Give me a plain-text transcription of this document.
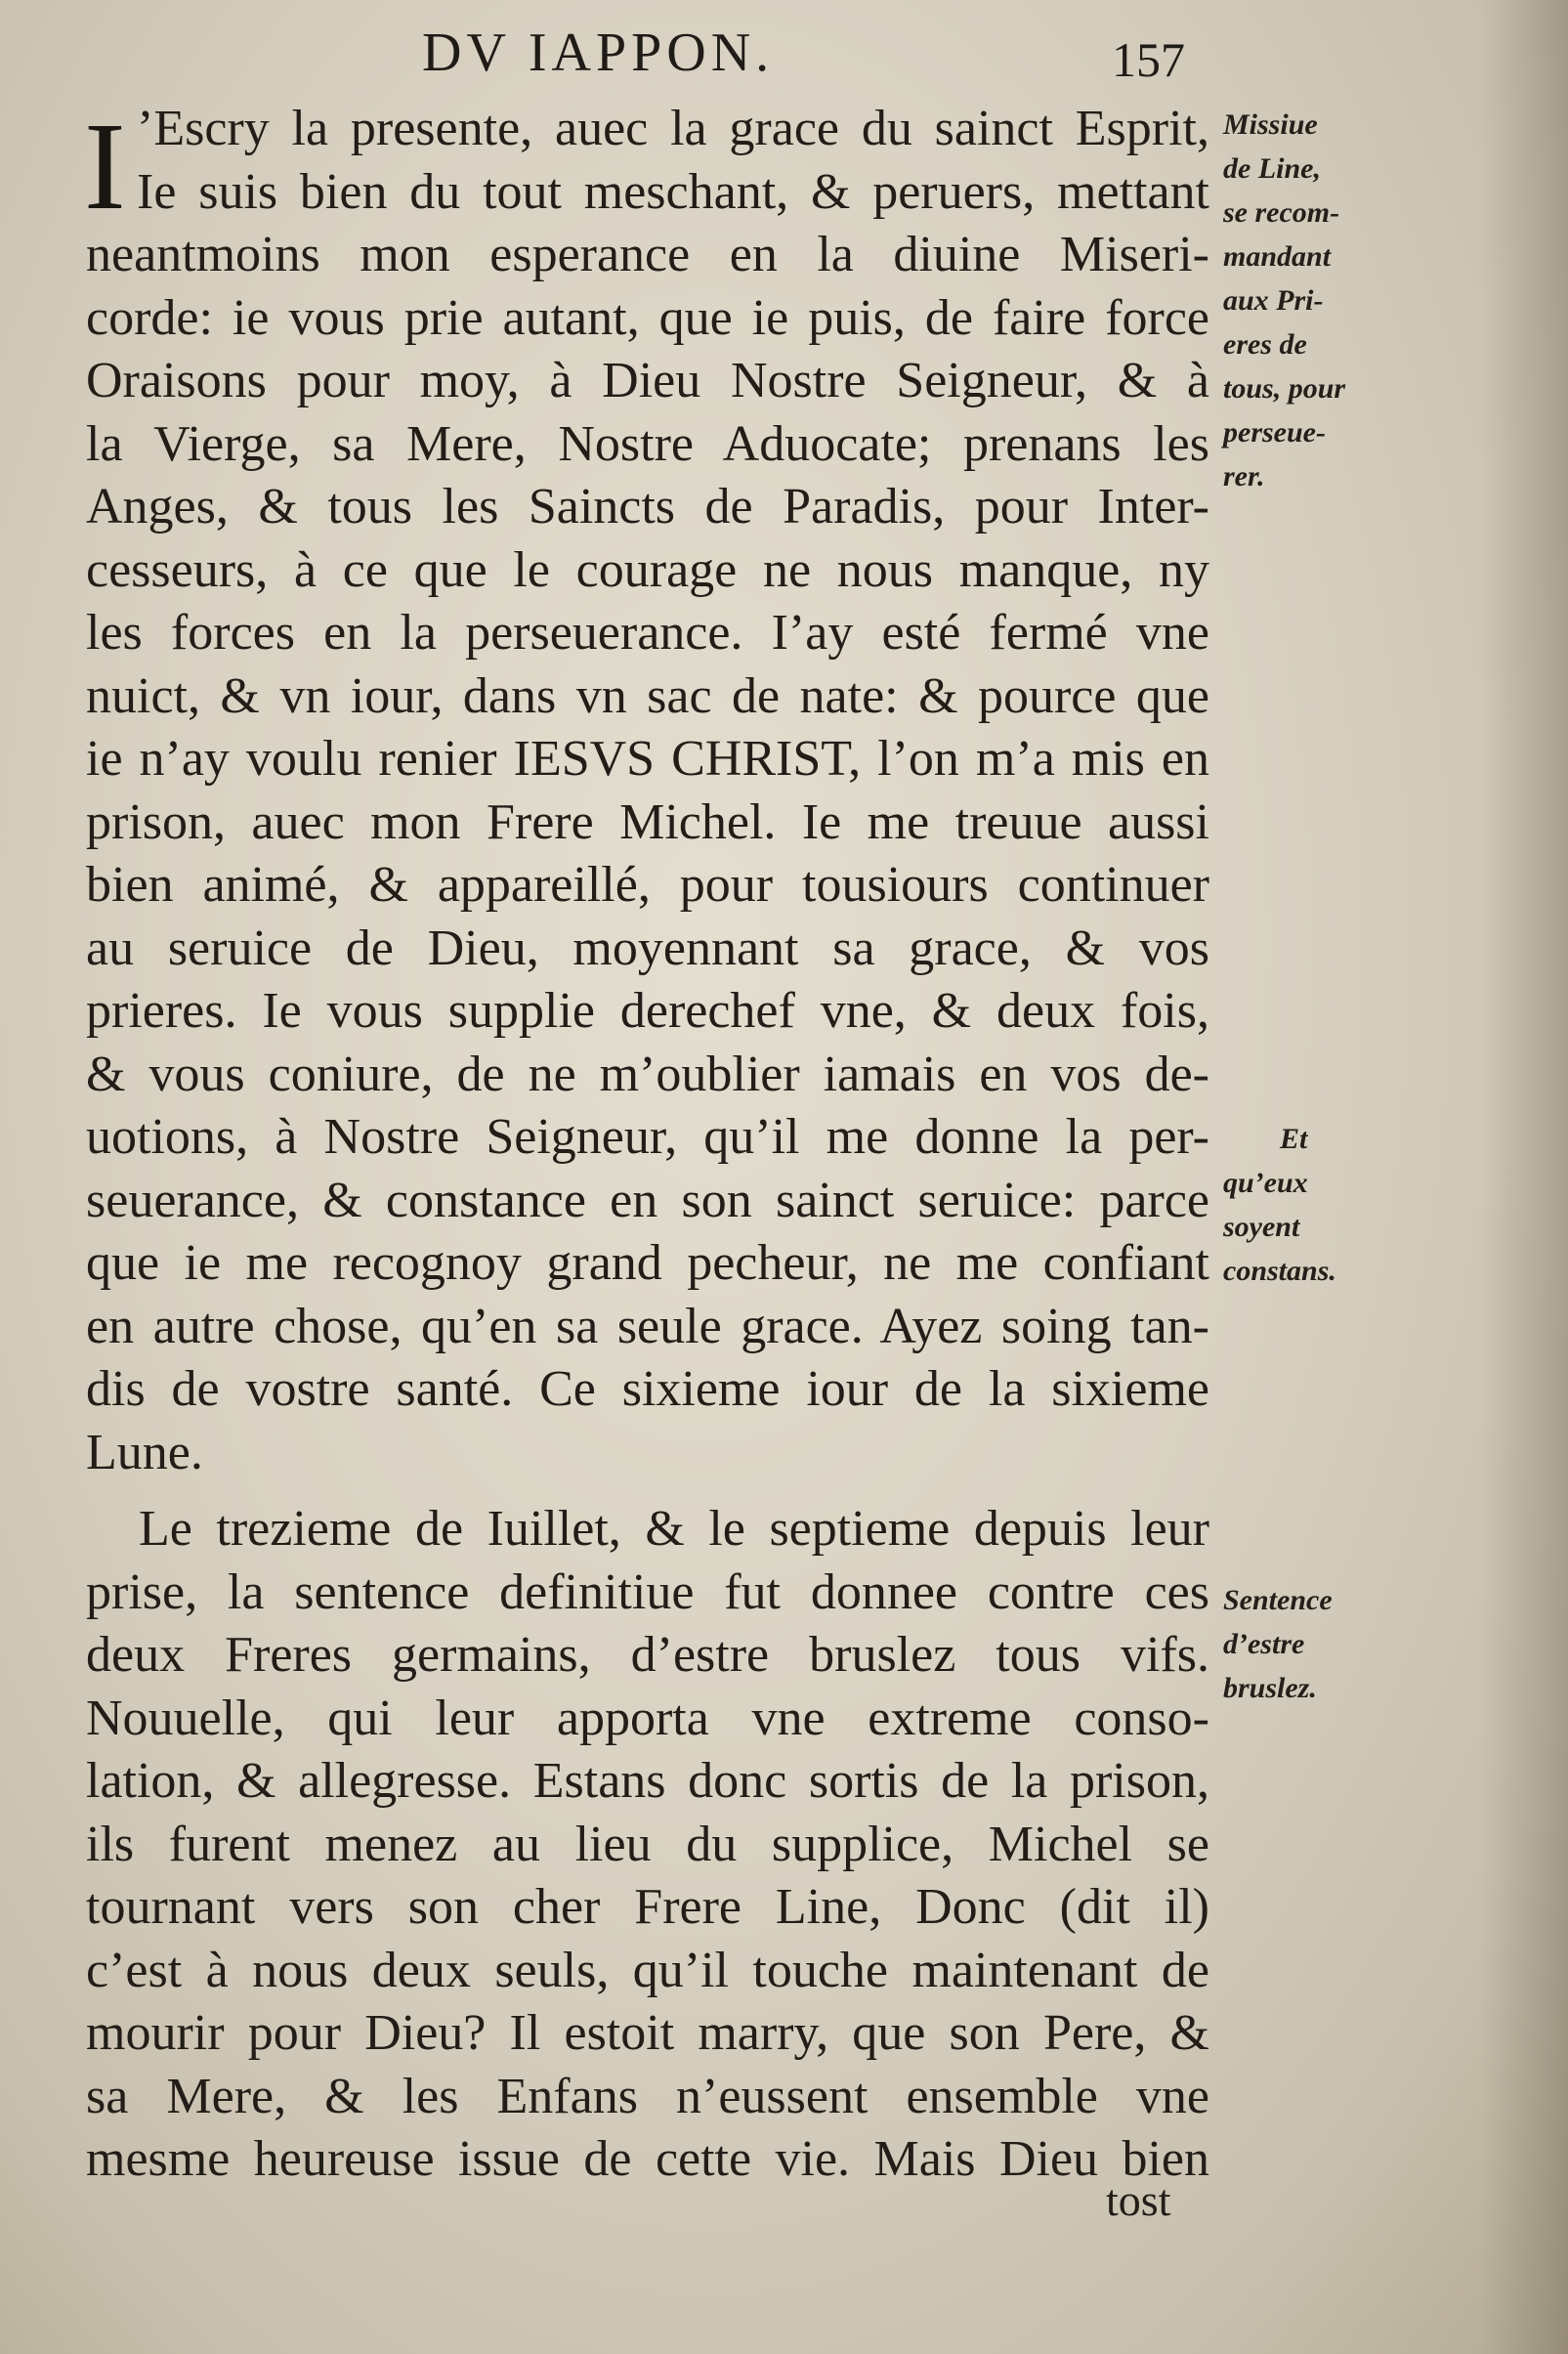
DV IAPPON.	157
I ’Escry la presente, auec la grace du sainct Esprit,
Ie suis bien du tout meschant, & peruers, mettant
neantmoins mon esperance en la diuine Miseri-
corde: ie vous prie autant, que ie puis, de faire force
Oraisons pour moy, à Dieu Nostre Seigneur, & à
la Vierge, sa Mere, Nostre Aduocate; prenans les
Anges, & tous les Saincts de Paradis, pour Inter-
cesseurs, à ce que le courage ne nous manque, ny
les forces en la perseuerance. I’ay esté fermé vne
nuict, & vn iour, dans vn sac de nate: & pource que
ie n’ay voulu renier IESVS CHRIST, l’on m’a mis en
prison, auec mon Frere Michel. Ie me treuue aussi
bien animé, & appareillé, pour tousiours continuer
au seruice de Dieu, moyennant sa grace, & vos
prieres. Ie vous supplie derechef vne, & deux fois,
& vous coniure, de ne m’oublier iamais en vos de-
uotions, à Nostre Seigneur, qu’il me donne la per-
seuerance, & constance en son sainct seruice: parce
que ie me recognoy grand pecheur, ne me confiant
en autre chose, qu’en sa seule grace. Ayez soing tan-
dis de vostre santé. Ce sixieme iour de la sixieme
Lune.
Le trezieme de Iuillet, & le septieme depuis leur
prise, la sentence definitiue fut donnee contre ces
deux Freres germains, d’estre bruslez tous vifs.
Nouuelle, qui leur apporta vne extreme conso-
lation, & allegresse. Estans donc sortis de la prison,
ils furent menez au lieu du supplice, Michel se
tournant vers son cher Frere Line, Donc (dit il)
c’est à nous deux seuls, qu’il touche maintenant de
mourir pour Dieu? Il estoit marry, que son Pere, &
sa Mere, & les Enfans n’eussent ensemble vne
mesme heureuse issue de cette vie. Mais Dieu bien
tost
Missiue
de Line,
se recom-
mandant
aux Pri-
eres de
tous, pour
perseue-
rer.
Et
qu’eux
soyent
constans.
Sentence
d’estre
bruslez.
